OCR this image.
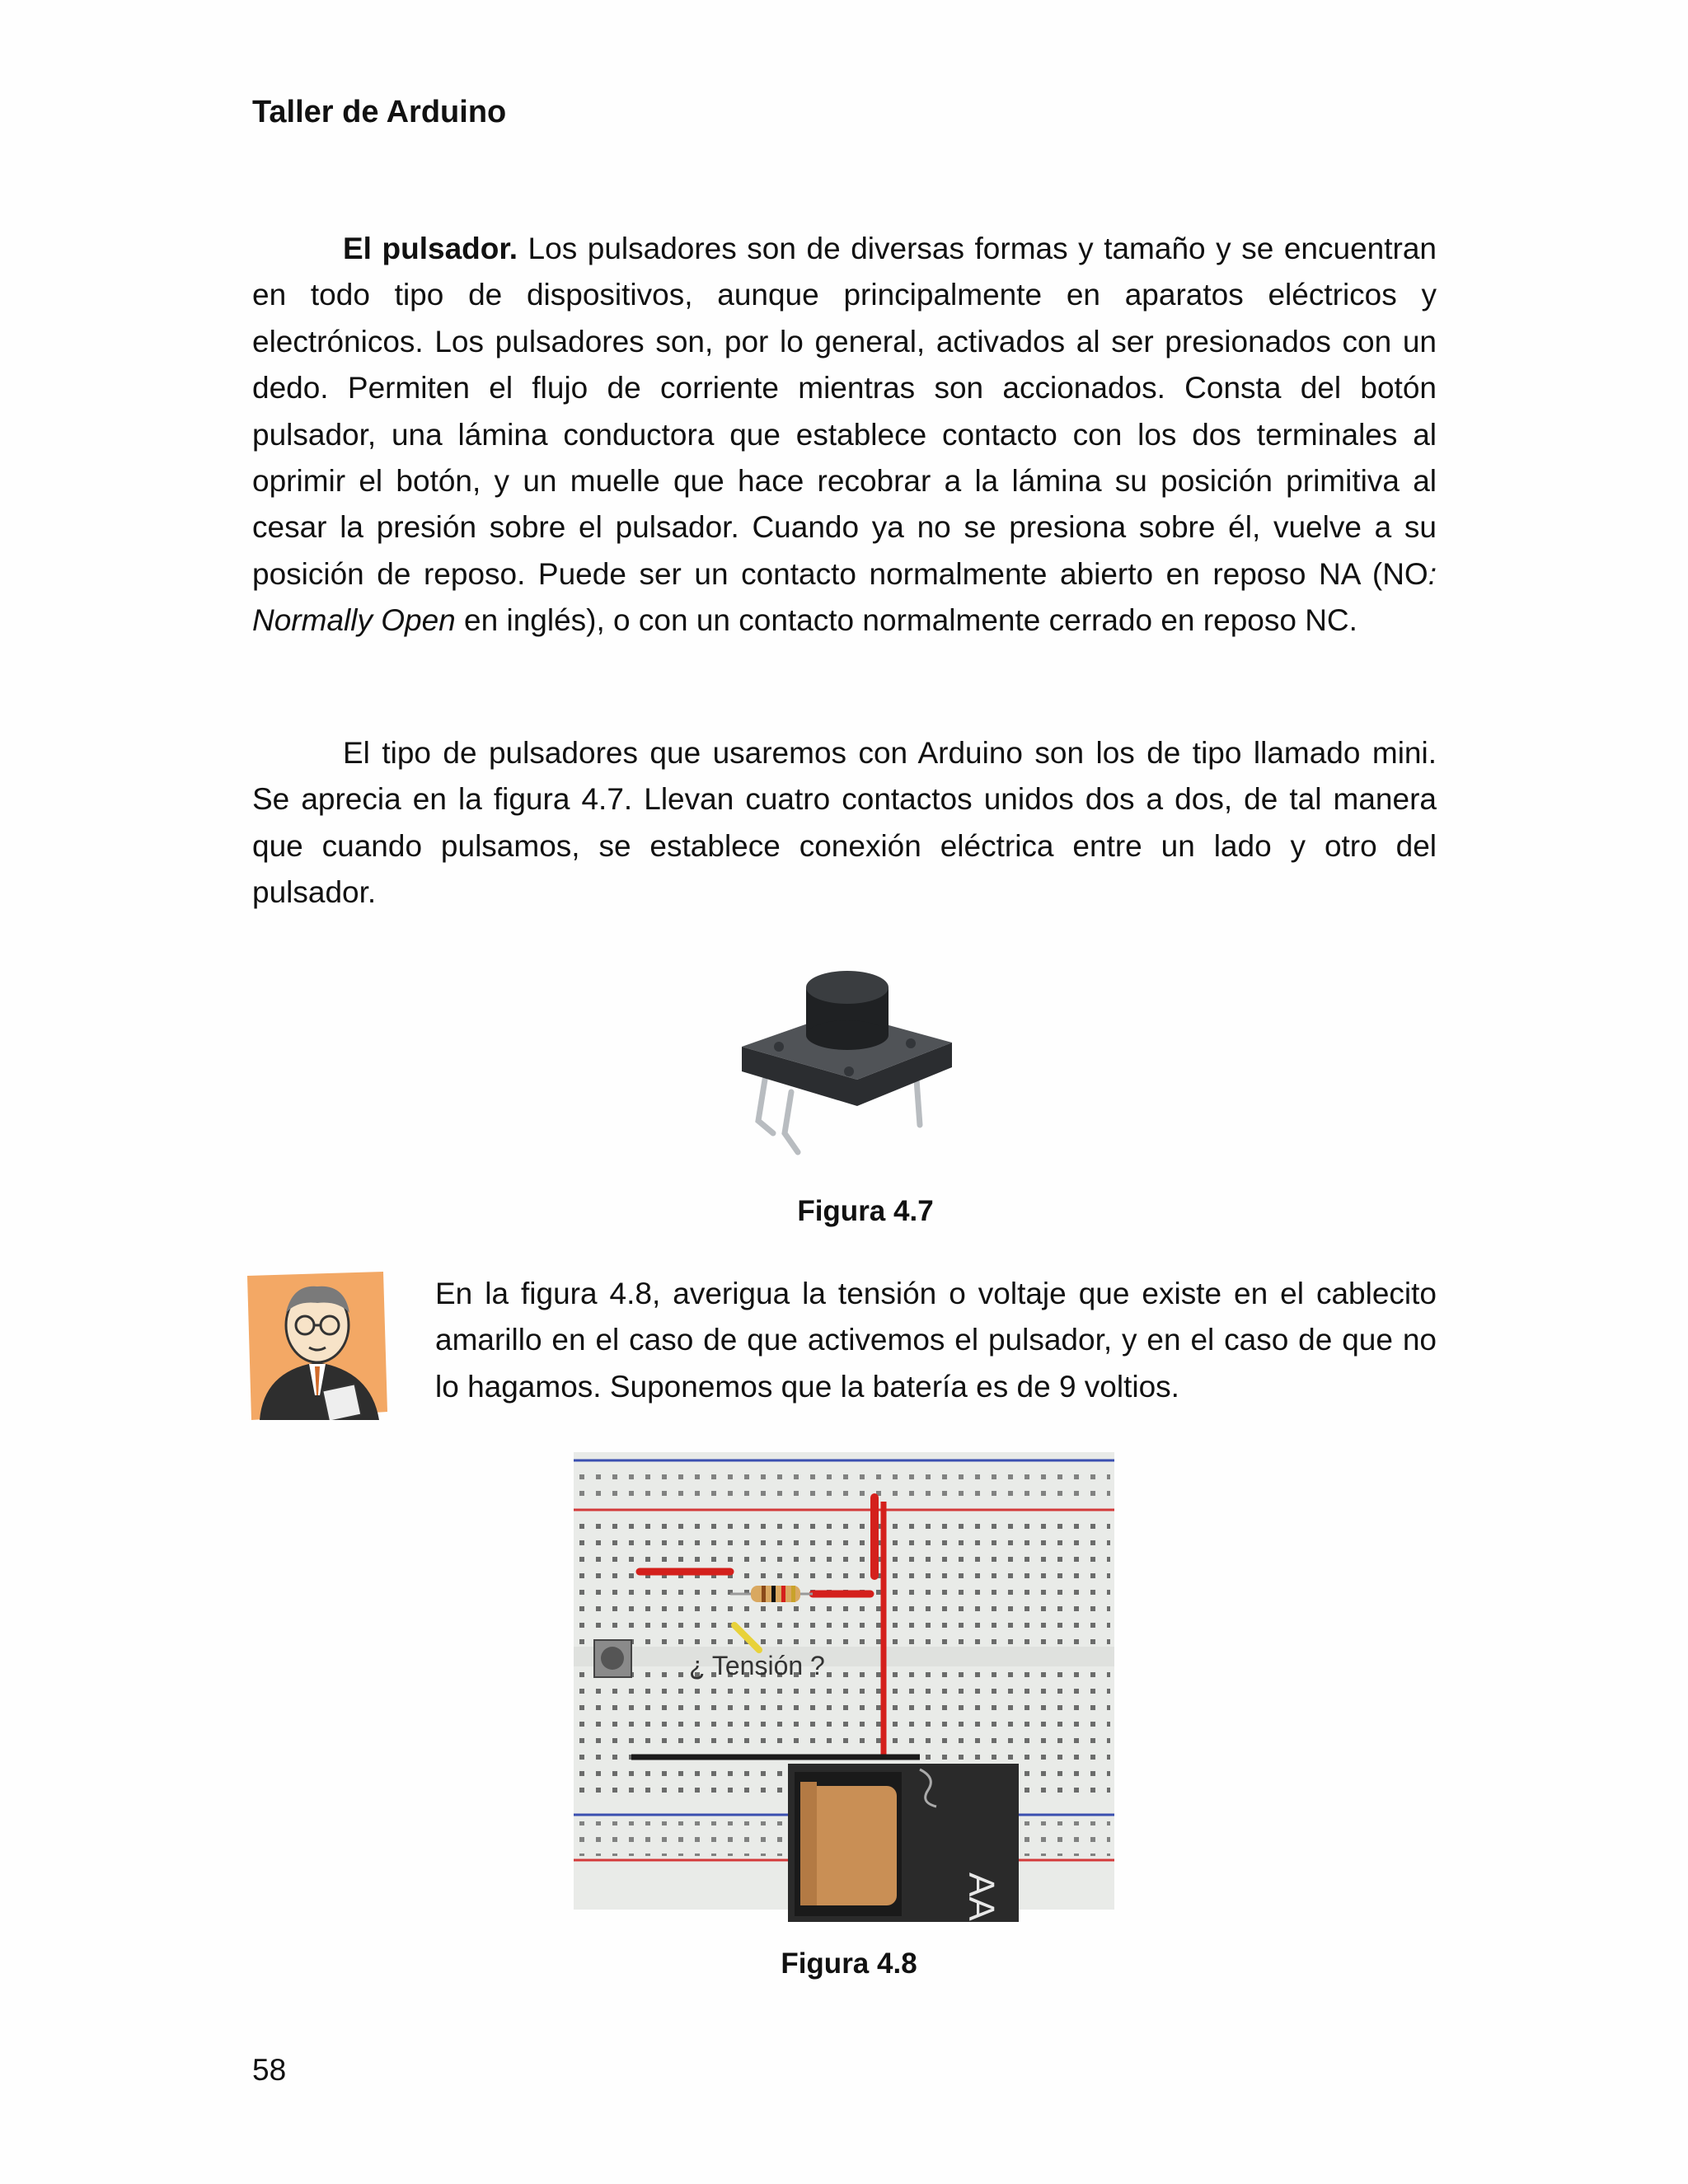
Taller de Arduino

El pulsador. Los pulsadores son de diversas formas y tamaño y se encuentran en todo tipo de dispositivos, aunque principalmente en aparatos eléctricos y electrónicos. Los pulsadores son, por lo general, activados al ser presionados con un dedo. Permiten el flujo de corriente mientras son accionados. Consta del botón pulsador, una lámina conductora que establece contacto con los dos terminales al oprimir el botón, y un muelle que hace recobrar a la lámina su posición primitiva al cesar la presión sobre el pulsador. Cuando ya no se presiona sobre él, vuelve a su posición de reposo. Puede ser un contacto normalmente abierto en reposo NA (NO: Normally Open en inglés), o con un contacto normalmente cerrado en reposo NC.

El tipo de pulsadores que usaremos con Arduino son los de tipo llamado mini. Se aprecia en la figura 4.7. Llevan cuatro contactos unidos dos a dos, de tal manera que cuando pulsamos, se establece conexión eléctrica entre un lado y otro del pulsador.

Figura 4.7

En la figura 4.8, averigua la tensión o voltaje que existe en el cablecito amarillo en el caso de que activemos el pulsador, y en el caso de que no lo hagamos. Suponemos que la batería es de 9 voltios.

¿ Tensión ?
AA
Figura 4.8
58
